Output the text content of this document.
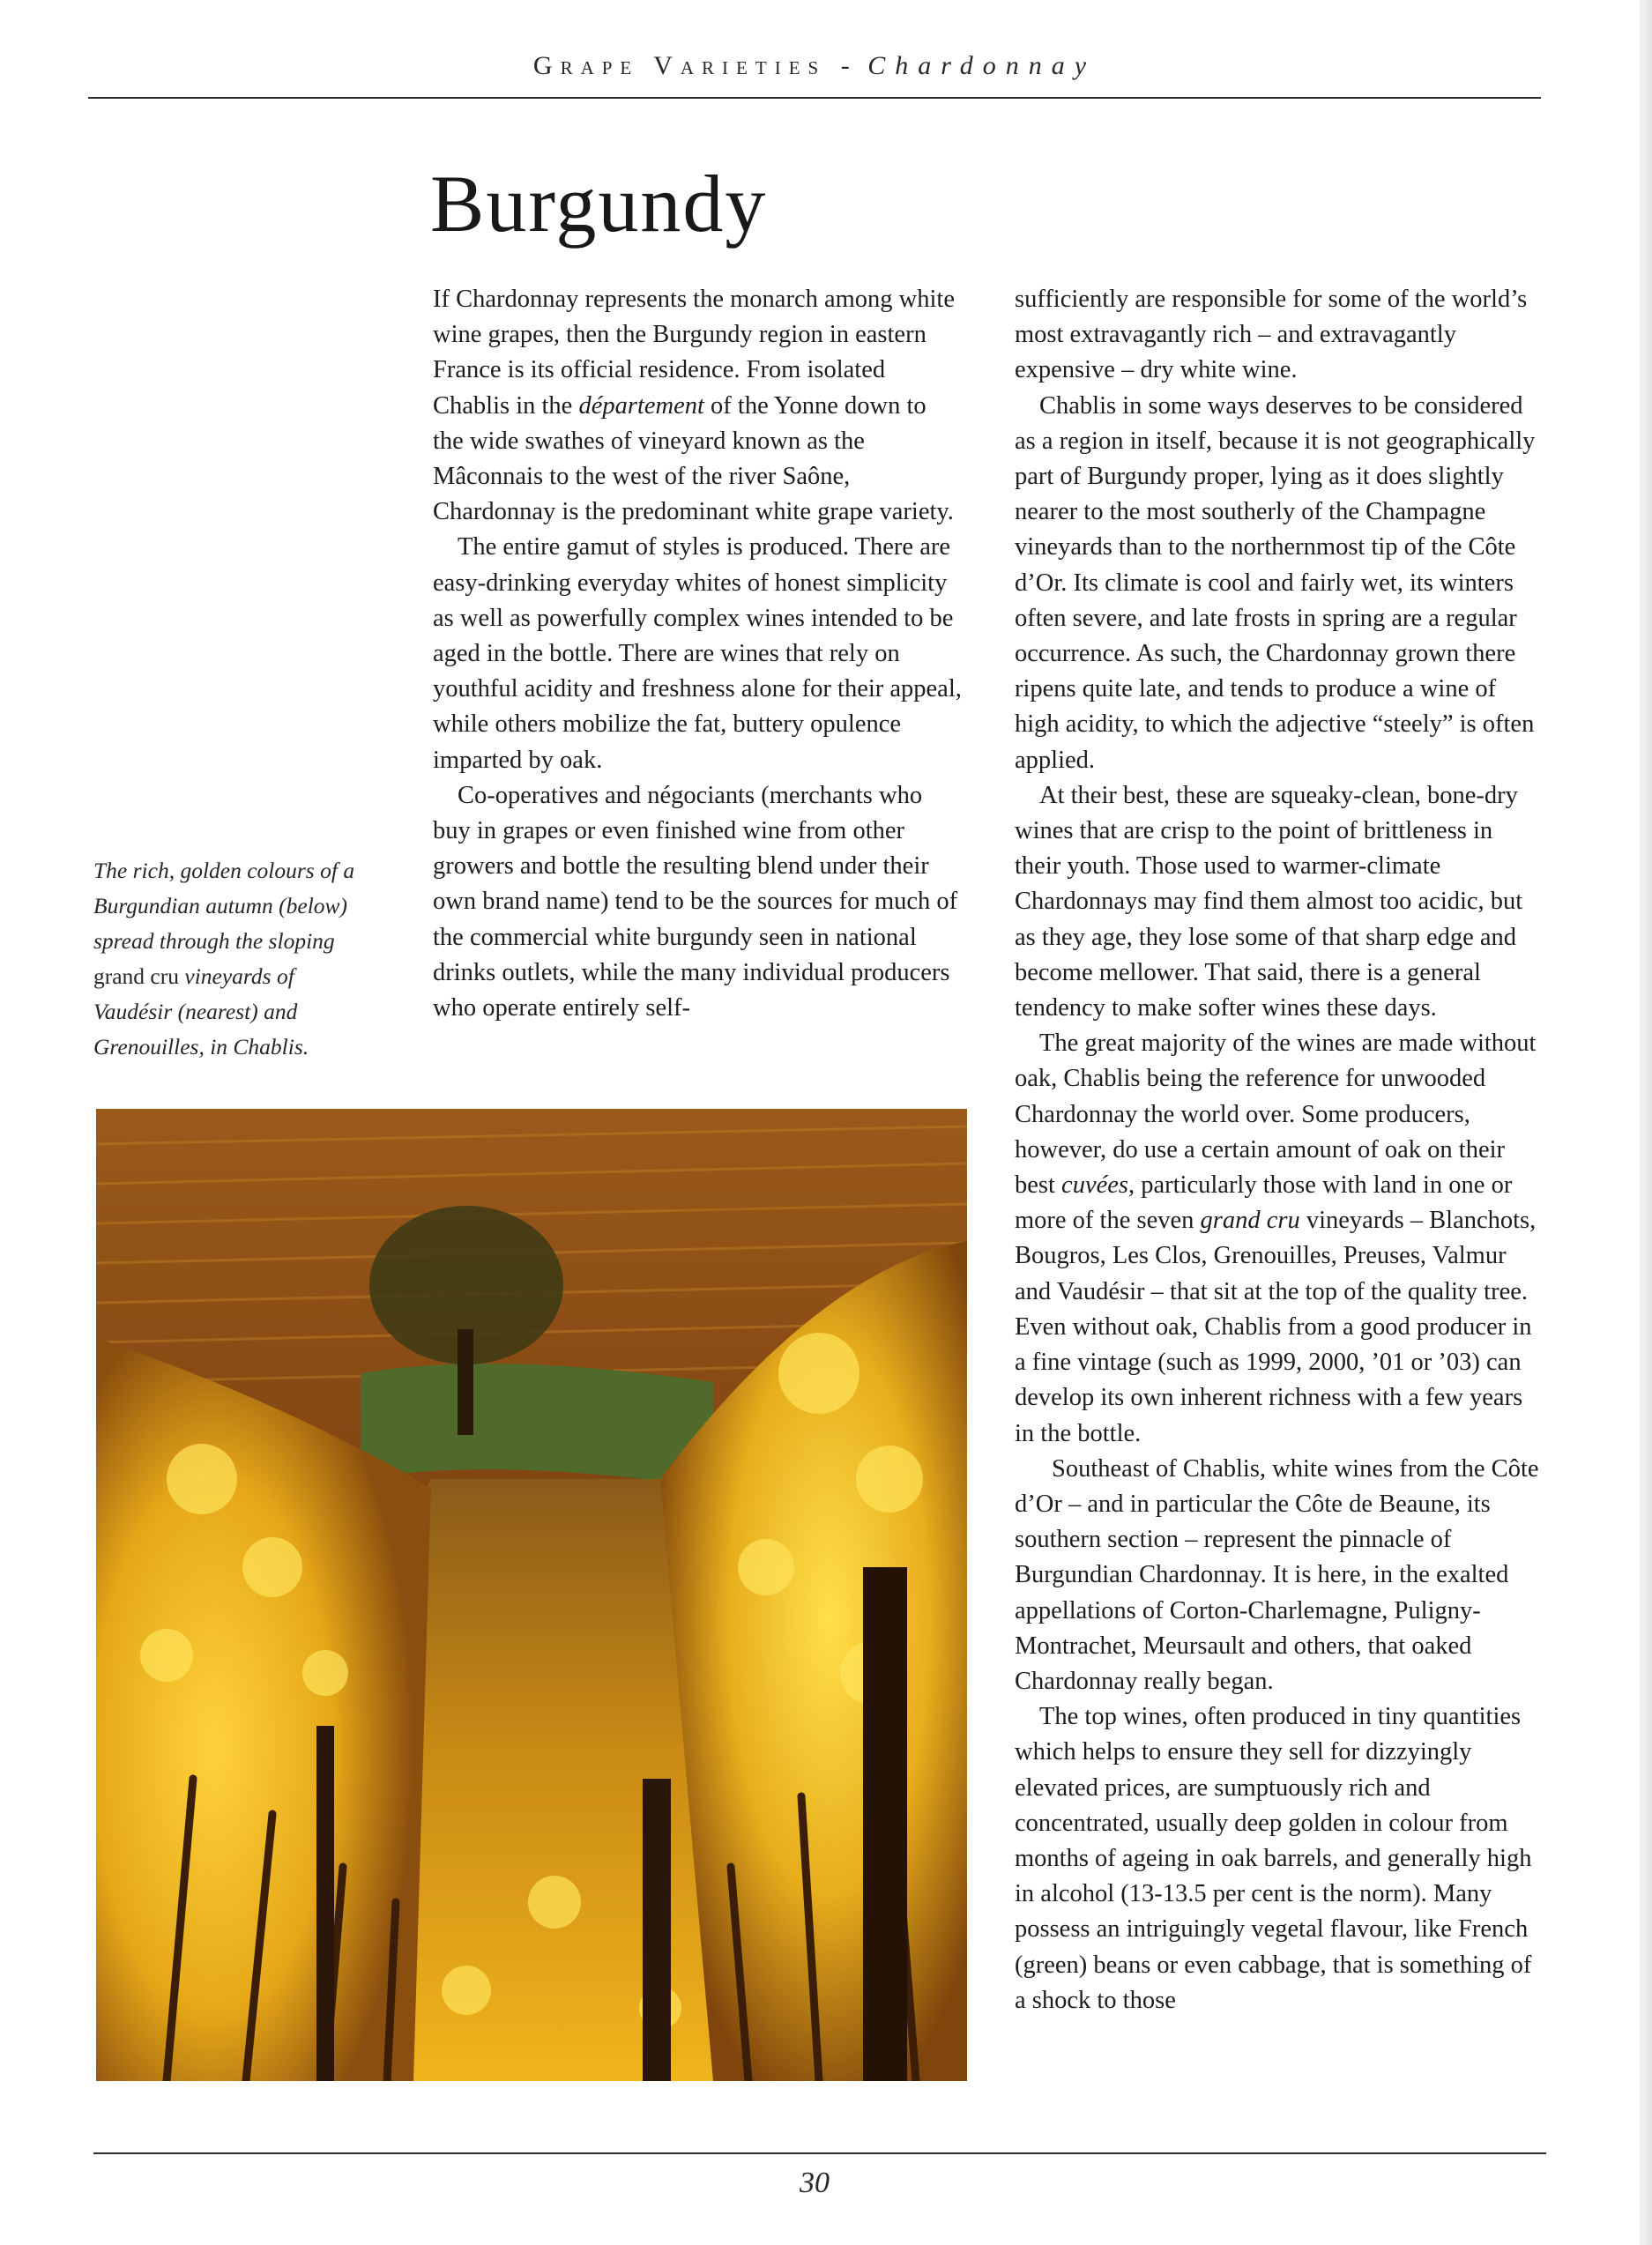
Grape Varieties - Chardonnay
Burgundy

If Chardonnay represents the monarch among white wine grapes, then the Burgundy region in eastern France is its official residence. From isolated Chablis in the département of the Yonne down to the wide swathes of vineyard known as the Mâconnais to the west of the river Saône, Chardonnay is the predominant white grape variety.

The entire gamut of styles is produced. There are easy-drinking everyday whites of honest simplicity as well as powerfully complex wines intended to be aged in the bottle. There are wines that rely on youthful acidity and freshness alone for their appeal, while others mobilize the fat, buttery opulence imparted by oak.

Co-operatives and négociants (merchants who buy in grapes or even finished wine from other growers and bottle the resulting blend under their own brand name) tend to be the sources for much of the commercial white burgundy seen in national drinks outlets, while the many individual producers who operate entirely self-

sufficiently are responsible for some of the world’s most extravagantly rich – and extravagantly expensive – dry white wine.

Chablis in some ways deserves to be considered as a region in itself, because it is not geographically part of Burgundy proper, lying as it does slightly nearer to the most southerly of the Champagne vineyards than to the northernmost tip of the Côte d’Or. Its climate is cool and fairly wet, its winters often severe, and late frosts in spring are a regular occurrence. As such, the Chardonnay grown there ripens quite late, and tends to produce a wine of high acidity, to which the adjective “steely” is often applied.

At their best, these are squeaky-clean, bone-dry wines that are crisp to the point of brittleness in their youth. Those used to warmer-climate Chardonnays may find them almost too acidic, but as they age, they lose some of that sharp edge and become mellower. That said, there is a general tendency to make softer wines these days.

The great majority of the wines are made without oak, Chablis being the reference for unwooded Chardonnay the world over. Some producers, however, do use a certain amount of oak on their best cuvées, particularly those with land in one or more of the seven grand cru vineyards – Blanchots, Bougros, Les Clos, Grenouilles, Preuses, Valmur and Vaudésir – that sit at the top of the quality tree. Even without oak, Chablis from a good producer in a fine vintage (such as 1999, 2000, ’01 or ’03) can develop its own inherent richness with a few years in the bottle.

Southeast of Chablis, white wines from the Côte d’Or – and in particular the Côte de Beaune, its southern section – represent the pinnacle of Burgundian Chardonnay. It is here, in the exalted appellations of Corton-Charlemagne, Puligny-Montrachet, Meursault and others, that oaked Chardonnay really began.

The top wines, often produced in tiny quantities which helps to ensure they sell for dizzyingly elevated prices, are sumptuously rich and concentrated, usually deep golden in colour from months of ageing in oak barrels, and generally high in alcohol (13-13.5 per cent is the norm). Many possess an intriguingly vegetal flavour, like French (green) beans or even cabbage, that is something of a shock to those

The rich, golden colours of a Burgundian autumn (below) spread through the sloping grand cru vineyards of Vaudésir (nearest) and Grenouilles, in Chablis.

30
